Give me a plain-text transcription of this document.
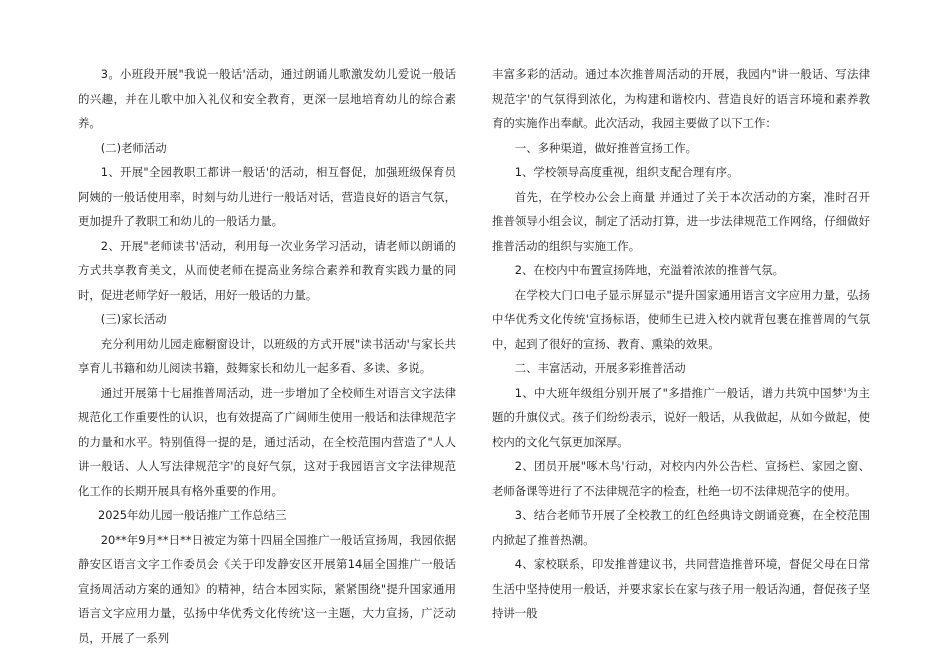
3。小班段开展"我说一般话'活动，通过朗诵儿歌激发幼儿爱说一般话的兴趣，并在儿歌中加入礼仪和安全教育，更深一层地培育幼儿的综合素养。

(二)老师活动

1、开展"全园教职工都讲一般话'的活动，相互督促，加强班级保育员阿姨的一般话使用率，时刻与幼儿进行一般话对话，营造良好的语言气氛，更加提升了教职工和幼儿的一般话力量。

2、开展"老师读书'活动，利用每一次业务学习活动，请老师以朗诵的方式共享教育美文，从而使老师在提高业务综合素养和教育实践力量的同时，促进老师学好一般话，用好一般话的力量。

(三)家长活动

充分利用幼儿园走廊橱窗设计，以班级的方式开展"读书活动'与家长共享育儿书籍和幼儿阅读书籍，鼓舞家长和幼儿一起多看、多读、多说。

通过开展第十七届推普周活动，进一步增加了全校师生对语言文字法律规范化工作重要性的认识，也有效提高了广阔师生使用一般话和法律规范字的力量和水平。特别值得一提的是，通过活动，在全校范围内营造了"人人讲一般话、人人写法律规范字'的良好气氛，这对于我园语言文字法律规范化工作的长期开展具有格外重要的作用。

2025年幼儿园一般话推广工作总结三

20**年9月**日**日被定为第十四届全国推广一般话宣扬周，我园依据静安区语言文字工作委员会《关于印发静安区开展第14届全国推广一般话宣扬周活动方案的通知》的精神，结合本园实际，紧紧围绕"提升国家通用语言文字应用力量，弘扬中华优秀文化传统'这一主题，大力宣扬，广泛动员，开展了一系列

丰富多彩的活动。通过本次推普周活动的开展，我园内"讲一般话、写法律规范字'的气氛得到浓化，为构建和谐校内、营造良好的语言环境和素养教育的实施作出奉献。此次活动，我园主要做了以下工作：

一、多种渠道，做好推普宣扬工作。

1、学校领导高度重视，组织支配合理有序。

首先，在学校办公会上商量 并通过了关于本次活动的方案，准时召开推普领导小组会议，制定了活动打算，进一步法律规范工作网络，仔细做好推普活动的组织与实施工作。

2、在校内中布置宣扬阵地，充溢着浓浓的推普气氛。

在学校大门口电子显示屏显示"提升国家通用语言文字应用力量，弘扬中华优秀文化传统'宣扬标语，使师生已进入校内就背包裹在推普周的气氛中，起到了很好的宣扬、教育、熏染的效果。

二、丰富活动，开展多彩推普活动

1、中大班年级组分别开展了"多措推广一般话，谱力共筑中国梦'为主题的升旗仪式。孩子们纷纷表示，说好一般话，从我做起，从如今做起，使校内的文化气氛更加深厚。

2、团员开展"啄木鸟'行动，对校内内外公告栏、宣扬栏、家园之窗、老师备课等进行了不法律规范字的检查，杜绝一切不法律规范字的使用。

3、结合老师节开展了全校教工的红色经典诗文朗诵竞赛，在全校范围内掀起了推普热潮。

4、家校联系，印发推普建议书，共同营造推普环境，督促父母在日常生活中坚持使用一般话，并要求家长在家与孩子用一般话沟通，督促孩子坚持讲一般
